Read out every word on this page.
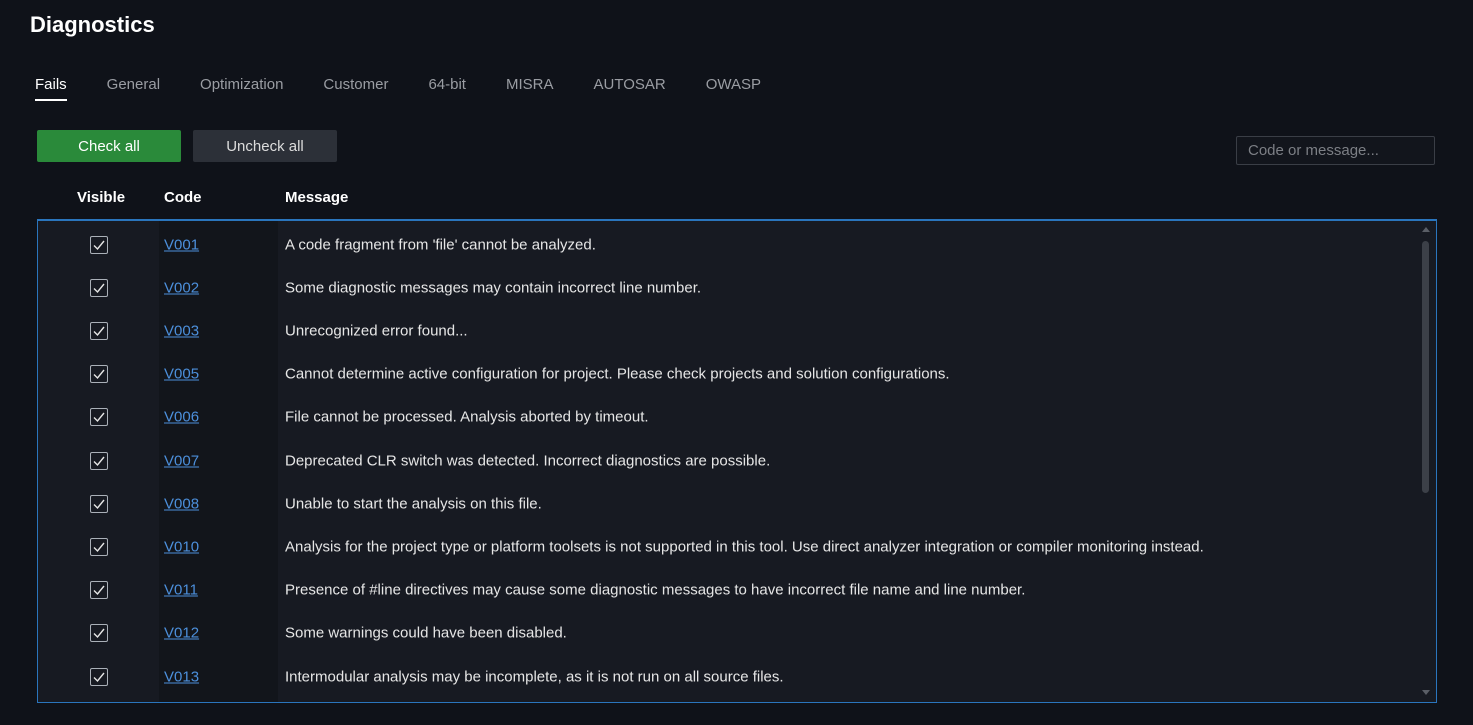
Diagnostics
Fails	General	Optimization	Customer	64-bit	MISRA	AUTOSAR	OWASP
Check all	Uncheck all
Code or message...
Visible	Code	Message
V001	A code fragment from 'file' cannot be analyzed.
V002	Some diagnostic messages may contain incorrect line number.
V003	Unrecognized error found...
V005	Cannot determine active configuration for project. Please check projects and solution configurations.
V006	File cannot be processed. Analysis aborted by timeout.
V007	Deprecated CLR switch was detected. Incorrect diagnostics are possible.
V008	Unable to start the analysis on this file.
V010	Analysis for the project type or platform toolsets is not supported in this tool. Use direct analyzer integration or compiler monitoring instead.
V011	Presence of #line directives may cause some diagnostic messages to have incorrect file name and line number.
V012	Some warnings could have been disabled.
V013	Intermodular analysis may be incomplete, as it is not run on all source files.
